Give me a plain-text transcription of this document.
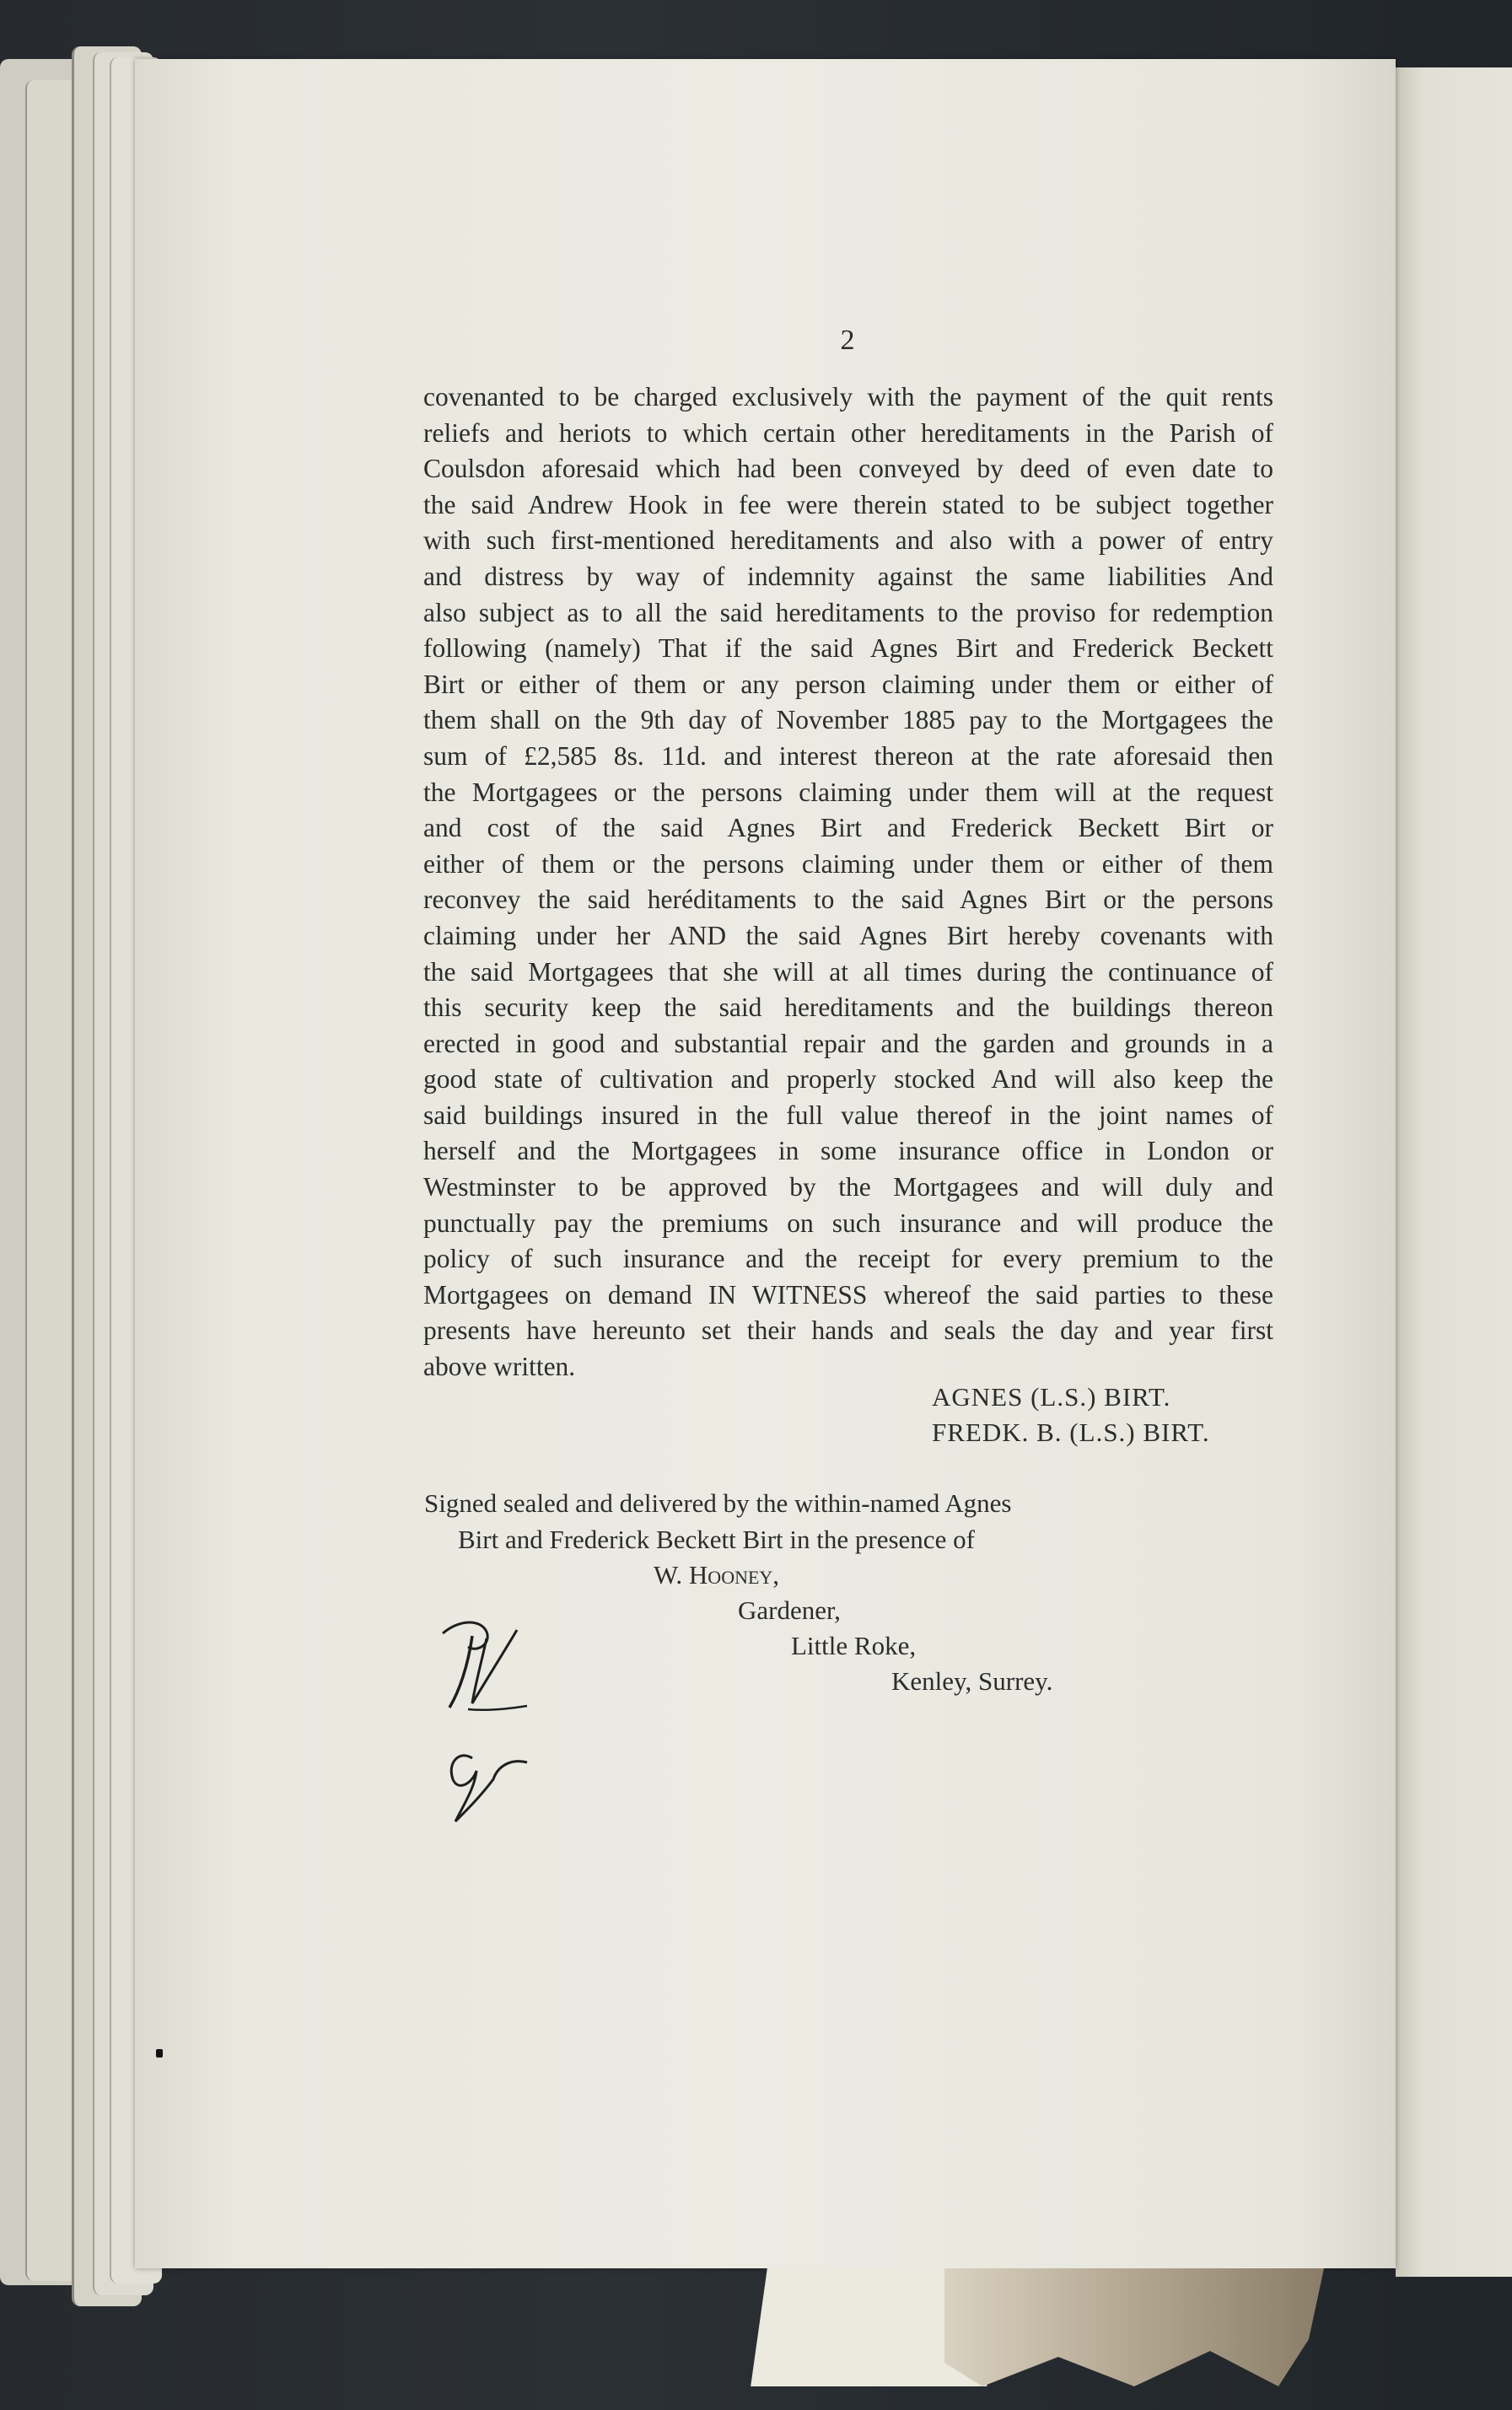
2
covenanted to be charged exclusively with the payment of the quit rents
reliefs and heriots to which certain other hereditaments in the Parish of
Coulsdon aforesaid which had been conveyed by deed of even date to
the said Andrew Hook in fee were therein stated to be subject together
with such first-mentioned hereditaments and also with a power of entry
and distress by way of indemnity against the same liabilities And
also subject as to all the said hereditaments to the proviso for redemption
following (namely) That if the said Agnes Birt and Frederick Beckett
Birt or either of them or any person claiming under them or either of
them shall on the 9th day of November 1885 pay to the Mortgagees the
sum of £2,585 8s. 11d. and interest thereon at the rate aforesaid then
the Mortgagees or the persons claiming under them will at the request
and cost of the said Agnes Birt and Frederick Beckett Birt or
either of them or the persons claiming under them or either of them
reconvey the said heréditaments to the said Agnes Birt or the persons
claiming under her AND the said Agnes Birt hereby covenants with
the said Mortgagees that she will at all times during the continuance of
this security keep the said hereditaments and the buildings thereon
erected in good and substantial repair and the garden and grounds in a
good state of cultivation and properly stocked And will also keep the
said buildings insured in the full value thereof in the joint names of
herself and the Mortgagees in some insurance office in London or
Westminster to be approved by the Mortgagees and will duly and
punctually pay the premiums on such insurance and will produce the
policy of such insurance and the receipt for every premium to the
Mortgagees on demand IN WITNESS whereof the said parties to these
presents have hereunto set their hands and seals the day and year first
above written.
AGNES (L.S.) BIRT.
FREDK. B. (L.S.) BIRT.
Signed sealed and delivered by the within-named Agnes
Birt and Frederick Beckett Birt in the presence of
W. Hooney,
Gardener,
Little Roke,
Kenley, Surrey.
